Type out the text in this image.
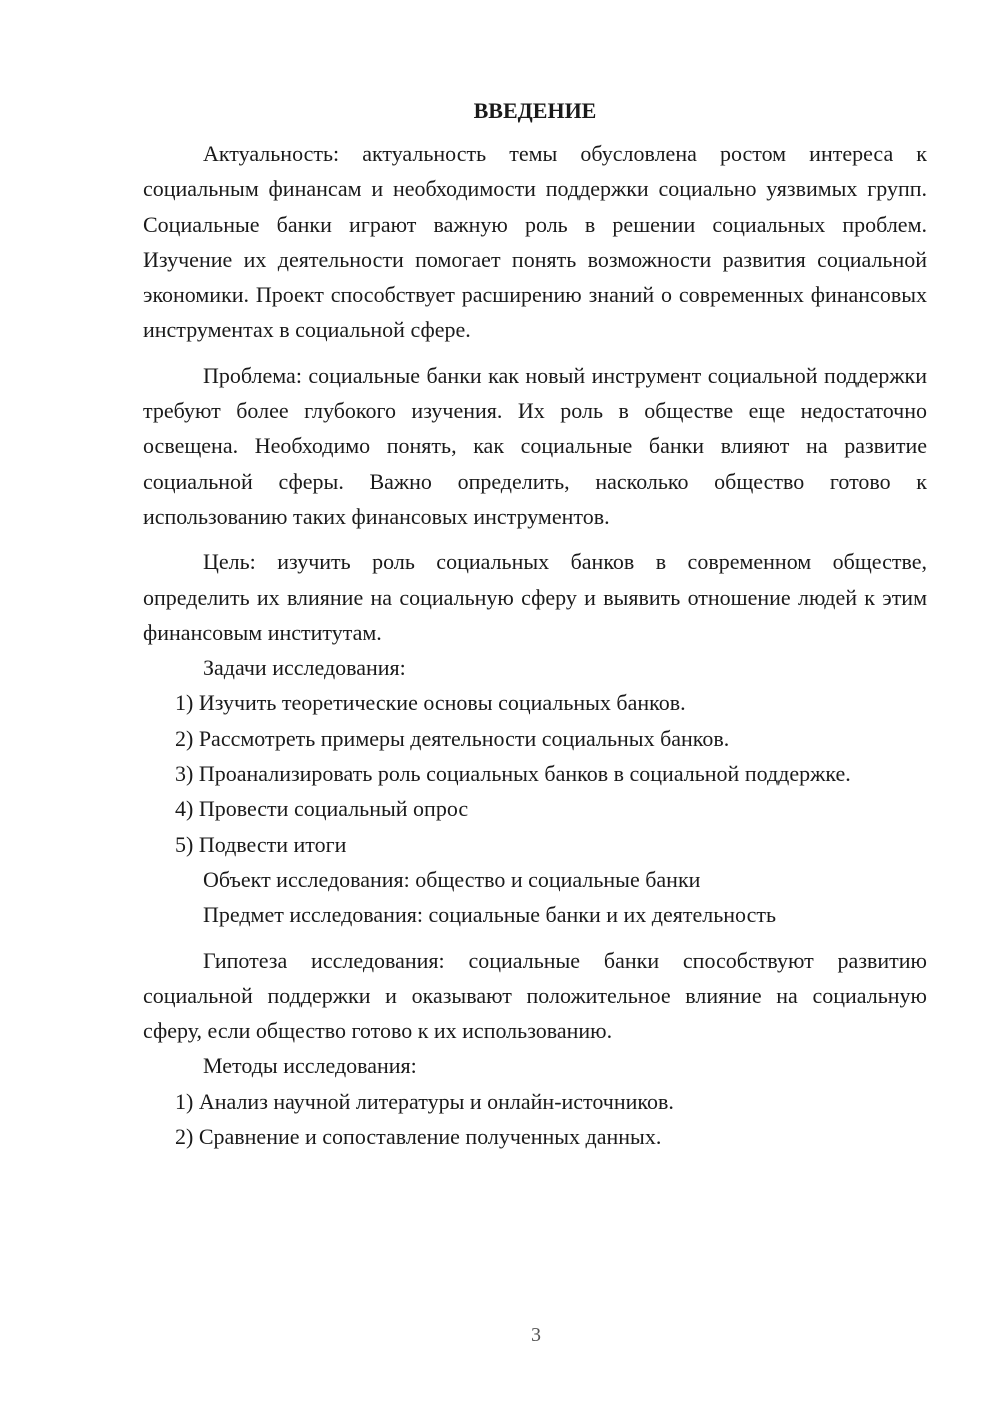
ВВЕДЕНИЕ

Актуальность: актуальность темы обусловлена ростом интереса к социальным финансам и необходимости поддержки социально уязвимых групп. Социальные банки играют важную роль в решении социальных проблем. Изучение их деятельности помогает понять возможности развития социальной экономики. Проект способствует расширению знаний о современных финансовых инструментах в социальной сфере.

Проблема: социальные банки как новый инструмент социальной поддержки требуют более глубокого изучения. Их роль в обществе еще недостаточно освещена. Необходимо понять, как социальные банки влияют на развитие социальной сферы. Важно определить, насколько общество готово к использованию таких финансовых инструментов.

Цель: изучить роль социальных банков в современном обществе, определить их влияние на социальную сферу и выявить отношение людей к этим финансовым институтам.

Задачи исследования:

1) Изучить теоретические основы социальных банков.

2) Рассмотреть примеры деятельности социальных банков.

3) Проанализировать роль социальных банков в социальной поддержке.

4) Провести социальный опрос

5) Подвести итоги

Объект исследования: общество и социальные банки

Предмет исследования: социальные банки и их деятельность

Гипотеза исследования: социальные банки способствуют развитию социальной поддержки и оказывают положительное влияние на социальную сферу, если общество готово к их использованию.

Методы исследования:

1) Анализ научной литературы и онлайн-источников.

2) Сравнение и сопоставление полученных данных.

3
